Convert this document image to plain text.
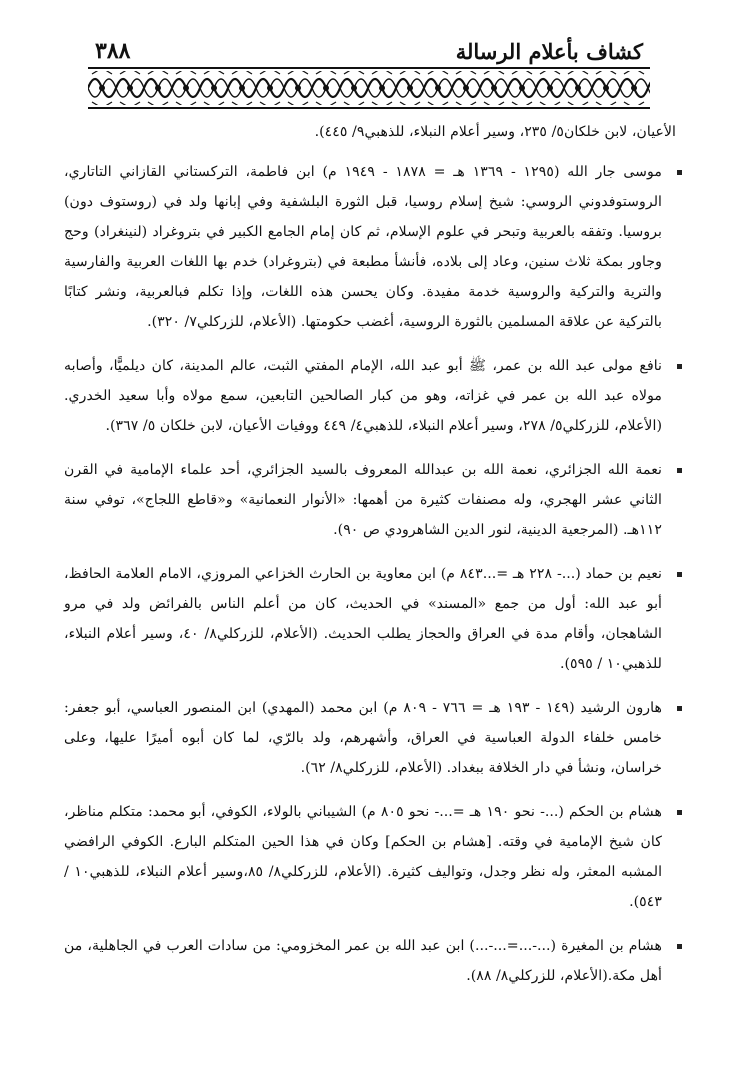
٣٨٨	كشاف بأعلام الرسالة

الأعيان، لابن خلكان٥/ ٢٣٥، وسير أعلام النبلاء، للذهبي٩/ ٤٤٥).

موسى جار الله (١٢٩٥ - ١٣٦٩ هـ = ١٨٧٨ - ١٩٤٩ م) ابن فاطمة، التركستاني القازاني التاتاري، الروستوفدوني الروسي: شيخ إسلام روسيا، قبل الثورة البلشفية وفي إبانها ولد في (روستوف دون) بروسيا. وتفقه بالعربية وتبحر في علوم الإسلام، ثم كان إمام الجامع الكبير في بتروغراد (لنينغراد) وحج وجاور بمكة ثلاث سنين، وعاد إلى بلاده، فأنشأ مطبعة في (بتروغراد) خدم بها اللغات العربية والفارسية والترية والتركية والروسية خدمة مفيدة. وكان يحسن هذه اللغات، وإذا تكلم فبالعربية، ونشر كتابًا بالتركية عن علاقة المسلمين بالثورة الروسية، أغضب حكومتها. (الأعلام، للزركلي٧/ ٣٢٠).

نافع مولى عبد الله بن عمر، ﷺ أبو عبد الله، الإمام المفتي الثبت، عالم المدينة، كان ديلميًّا، وأصابه مولاه عبد الله بن عمر في غزاته، وهو من كبار الصالحين التابعين، سمع مولاه وأبا سعيد الخدري. (الأعلام، للزركلي٥/ ٢٧٨، وسير أعلام النبلاء، للذهبي٤/ ٤٤٩ ووفيات الأعيان، لابن خلكان ٥/ ٣٦٧).

نعمة الله الجزائري، نعمة الله بن عبدالله المعروف بالسيد الجزائري، أحد علماء الإمامية في القرن الثاني عشر الهجري، وله مصنفات كثيرة من أهمها: «الأنوار النعمانية» و«قاطع اللجاج»، توفي سنة ١١٢هـ. (المرجعية الدينية، لنور الدين الشاهرودي ص ٩٠).

نعيم بن حماد (...- ٢٢٨ هـ =...٨٤٣ م) ابن معاوية بن الحارث الخزاعي المروزي، الامام العلامة الحافظ، أبو عبد الله: أول من جمع «المسند» في الحديث، كان من أعلم الناس بالفرائض ولد في مرو الشاهجان، وأقام مدة في العراق والحجاز يطلب الحديث. (الأعلام، للزركلي٨/ ٤٠، وسير أعلام النبلاء، للذهبي١٠ / ٥٩٥).

هارون الرشيد (١٤٩ - ١٩٣ هـ = ٧٦٦ - ٨٠٩ م) ابن محمد (المهدي) ابن المنصور العباسي، أبو جعفر: خامس خلفاء الدولة العباسية في العراق، وأشهرهم، ولد بالرّي، لما كان أبوه أميرًا عليها، وعلى خراسان، ونشأ في دار الخلافة ببغداد. (الأعلام، للزركلي٨/ ٦٢).

هشام بن الحكم (...- نحو ١٩٠ هـ =...- نحو ٨٠٥ م) الشيباني بالولاء، الكوفي، أبو محمد: متكلم مناظر، كان شيخ الإمامية في وقته. [هشام بن الحكم] وكان في هذا الحين المتكلم البارع. الكوفي الرافضي المشبه المعثر، وله نظر وجدل، وتواليف كثيرة. (الأعلام، للزركلي٨/ ٨٥،وسير أعلام النبلاء، للذهبي١٠ / ٥٤٣).

هشام بن المغيرة (...-...=...-...) ابن عبد الله بن عمر المخزومي: من سادات العرب في الجاهلية، من أهل مكة.(الأعلام، للزركلي٨/ ٨٨).
